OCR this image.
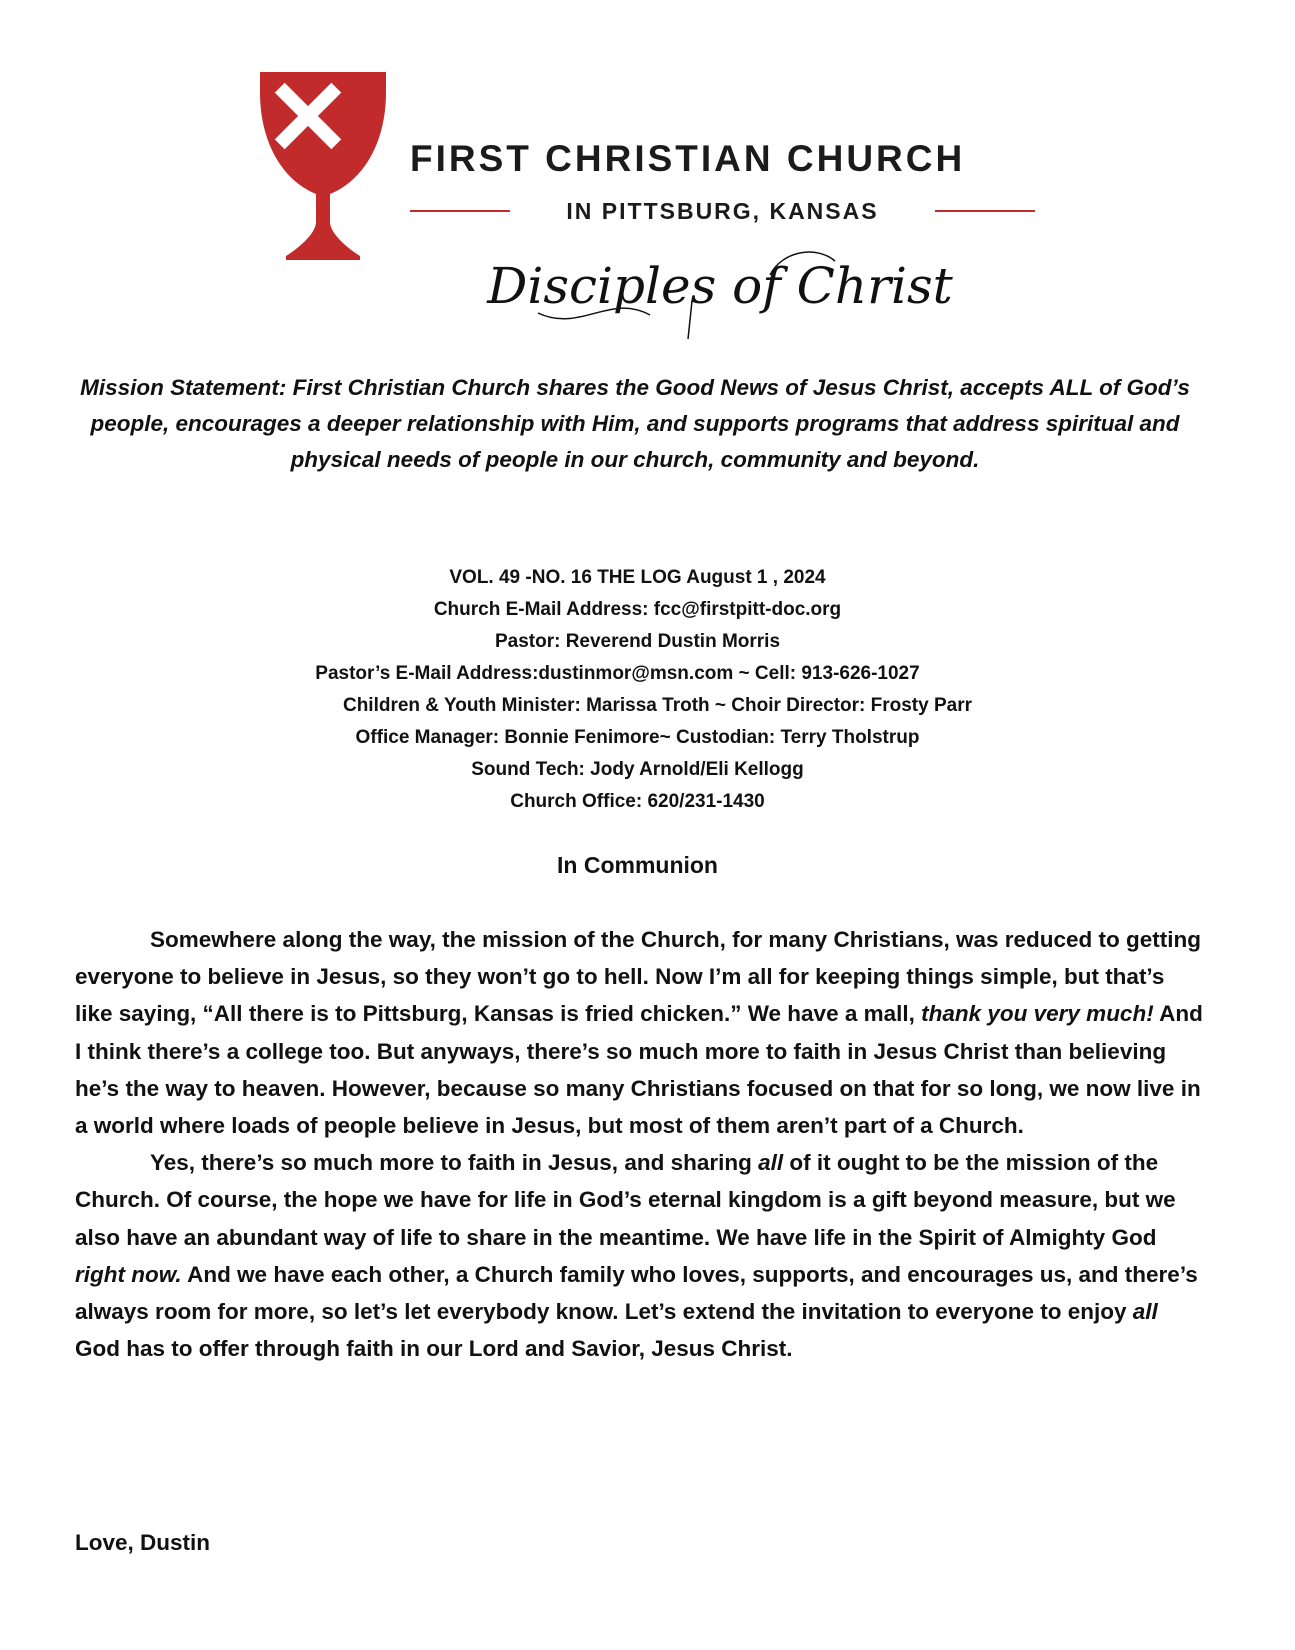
FIRST CHRISTIAN CHURCH
IN PITTSBURG, KANSAS
Disciples of Christ
Mission Statement: First Christian Church shares the Good News of Jesus Christ, accepts ALL of God’s people, encourages a deeper relationship with Him, and supports programs that address spiritual and physical needs of people in our church, community and beyond.
VOL. 49 -NO. 16 THE LOG August 1 , 2024
Church E-Mail Address: fcc@firstpitt-doc.org
Pastor: Reverend Dustin Morris
Pastor’s E-Mail Address:dustinmor@msn.com ~ Cell: 913-626-1027
Children & Youth Minister: Marissa Troth ~ Choir Director: Frosty Parr
Office Manager: Bonnie Fenimore~ Custodian: Terry Tholstrup
Sound Tech: Jody Arnold/Eli Kellogg
Church Office: 620/231-1430
In Communion

Somewhere along the way, the mission of the Church, for many Christians, was reduced to getting everyone to believe in Jesus, so they won’t go to hell. Now I’m all for keeping things simple, but that’s like saying, “All there is to Pittsburg, Kansas is fried chicken.” We have a mall, thank you very much! And I think there’s a college too. But anyways, there’s so much more to faith in Jesus Christ than believing he’s the way to heaven. However, because so many Christians focused on that for so long, we now live in a world where loads of people believe in Jesus, but most of them aren’t part of a Church.

Yes, there’s so much more to faith in Jesus, and sharing all of it ought to be the mission of the Church. Of course, the hope we have for life in God’s eternal kingdom is a gift beyond measure, but we also have an abundant way of life to share in the meantime. We have life in the Spirit of Almighty God right now. And we have each other, a Church family who loves, supports, and encourages us, and there’s always room for more, so let’s let everybody know. Let’s extend the invitation to everyone to enjoy all God has to offer through faith in our Lord and Savior, Jesus Christ.

Love, Dustin
